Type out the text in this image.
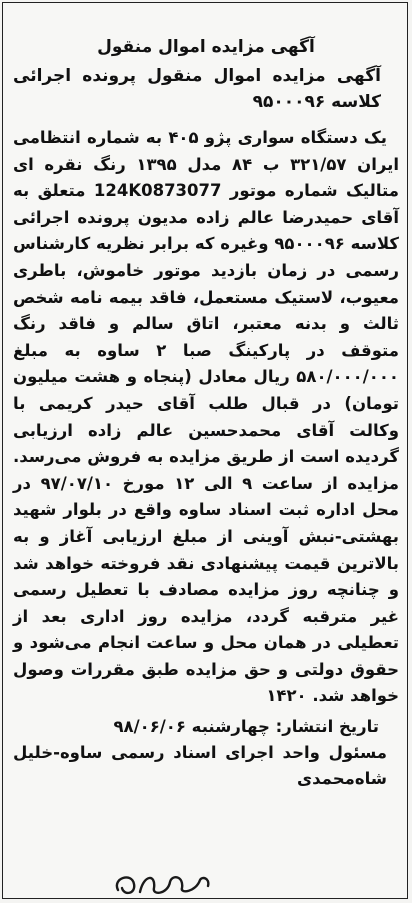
آگهی مزایده اموال منقول
آگهی مزایده اموال منقول پرونده اجرائی کلاسه ۹۵۰۰۰۹۶
یک دستگاه سواری پژو ۴۰۵ به شماره انتظامی ایران ۳۲۱/۵۷ ب ۸۴ مدل ۱۳۹۵ رنگ نقره ای متالیک شماره موتور 124K0873077 متعلق به آقای حمیدرضا عالم زاده مدیون پرونده اجرائی کلاسه ۹۵۰۰۰۹۶ وغیره که برابر نظریه کارشناس رسمی در زمان بازدید موتور خاموش، باطری معیوب، لاستیک مستعمل، فاقد بیمه نامه شخص ثالث و بدنه معتبر، اتاق سالم و فاقد رنگ متوقف در پارکینگ صبا ۲ ساوه به مبلغ ۵۸۰/۰۰۰/۰۰۰ ریال معادل (پنجاه و هشت میلیون تومان) در قبال طلب آقای حیدر کریمی با وکالت آقای محمدحسین عالم زاده ارزیابی گردیده است از طریق مزایده به فروش می‌رسد. مزایده از ساعت ۹ الی ۱۲ مورخ ۹۷/۰۷/۱۰ در محل اداره ثبت اسناد ساوه واقع در بلوار شهید بهشتی-نبش آوینی از مبلغ ارزیابی آغاز و به بالاترین قیمت پیشنهادی نقد فروخته خواهد شد و چنانچه روز مزایده مصادف با تعطیل رسمی غیر مترقبه گردد، مزایده روز اداری بعد از تعطیلی در همان محل و ساعت انجام می‌شود و حقوق دولتی و حق مزایده طبق مقررات وصول خواهد شد. ۱۴۲۰
تاریخ انتشار: چهارشنبه ۹۸/۰۶/۰۶
مسئول واحد اجرای اسناد رسمی ساوه-خلیل شاه‌محمدی
